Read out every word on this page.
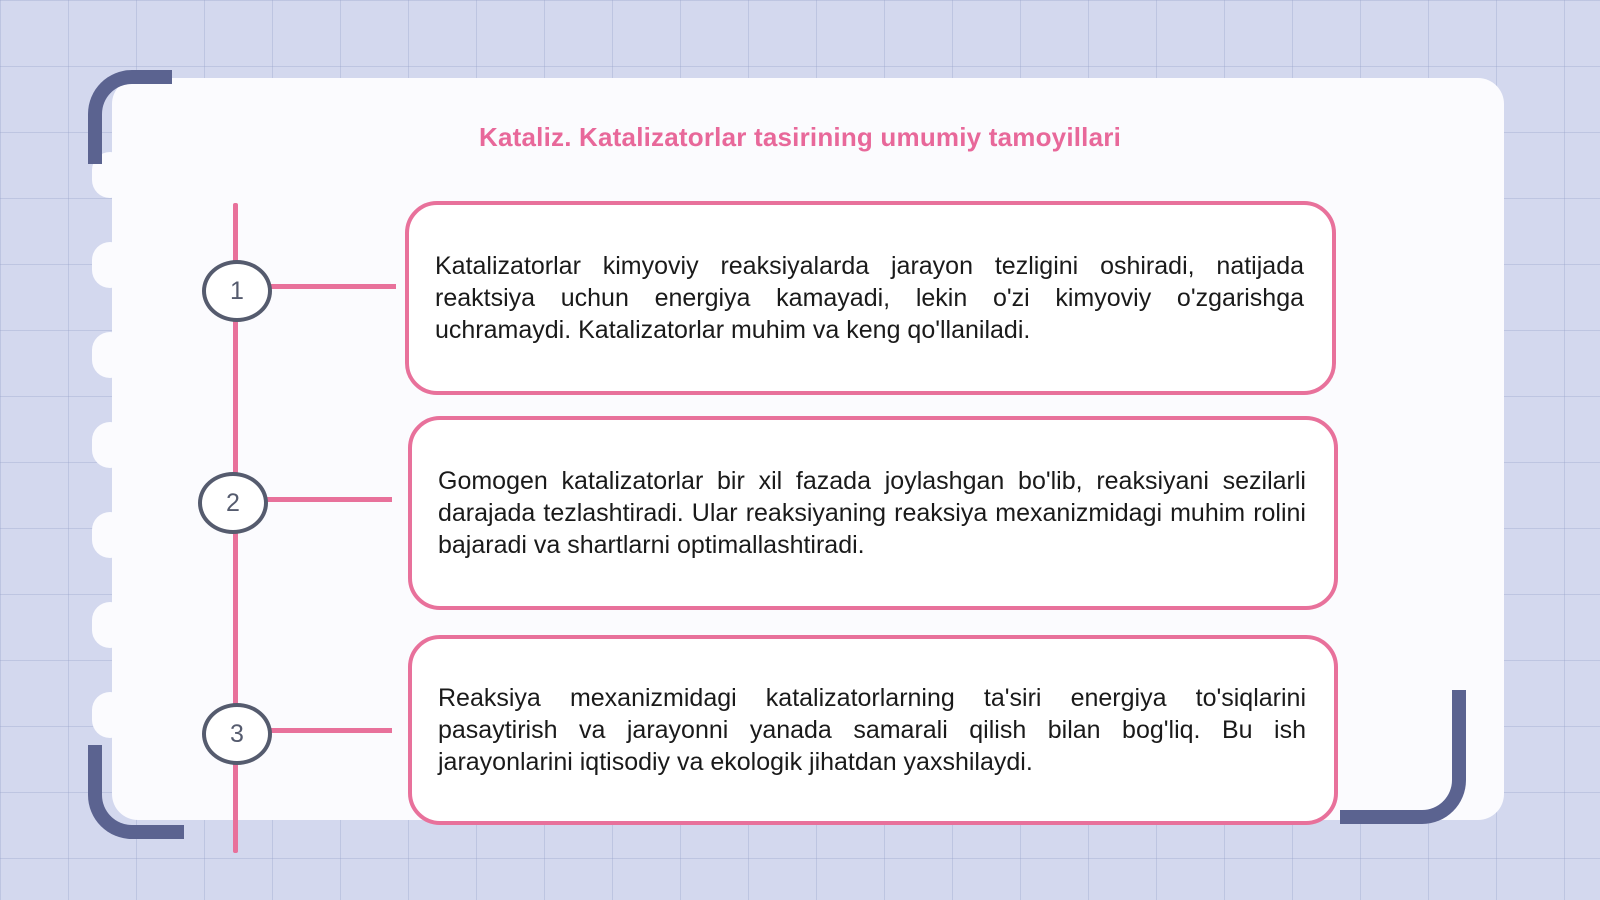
Kataliz. Katalizatorlar tasirining umumiy tamoyillari
1
2
3
Katalizatorlar kimyoviy reaksiyalarda jarayon tezligini oshiradi, natijada reaktsiya uchun energiya kamayadi, lekin o'zi kimyoviy o'zgarishga uchramaydi. Katalizatorlar muhim va keng qo'llaniladi.
Gomogen katalizatorlar bir xil fazada joylashgan bo'lib, reaksiyani sezilarli darajada tezlashtiradi. Ular reaksiyaning reaksiya mexanizmidagi muhim rolini bajaradi va shartlarni optimallashtiradi.
Reaksiya mexanizmidagi katalizatorlarning ta'siri energiya to'siqlarini pasaytirish va jarayonni yanada samarali qilish bilan bog'liq. Bu ish jarayonlarini iqtisodiy va ekologik jihatdan yaxshilaydi.
